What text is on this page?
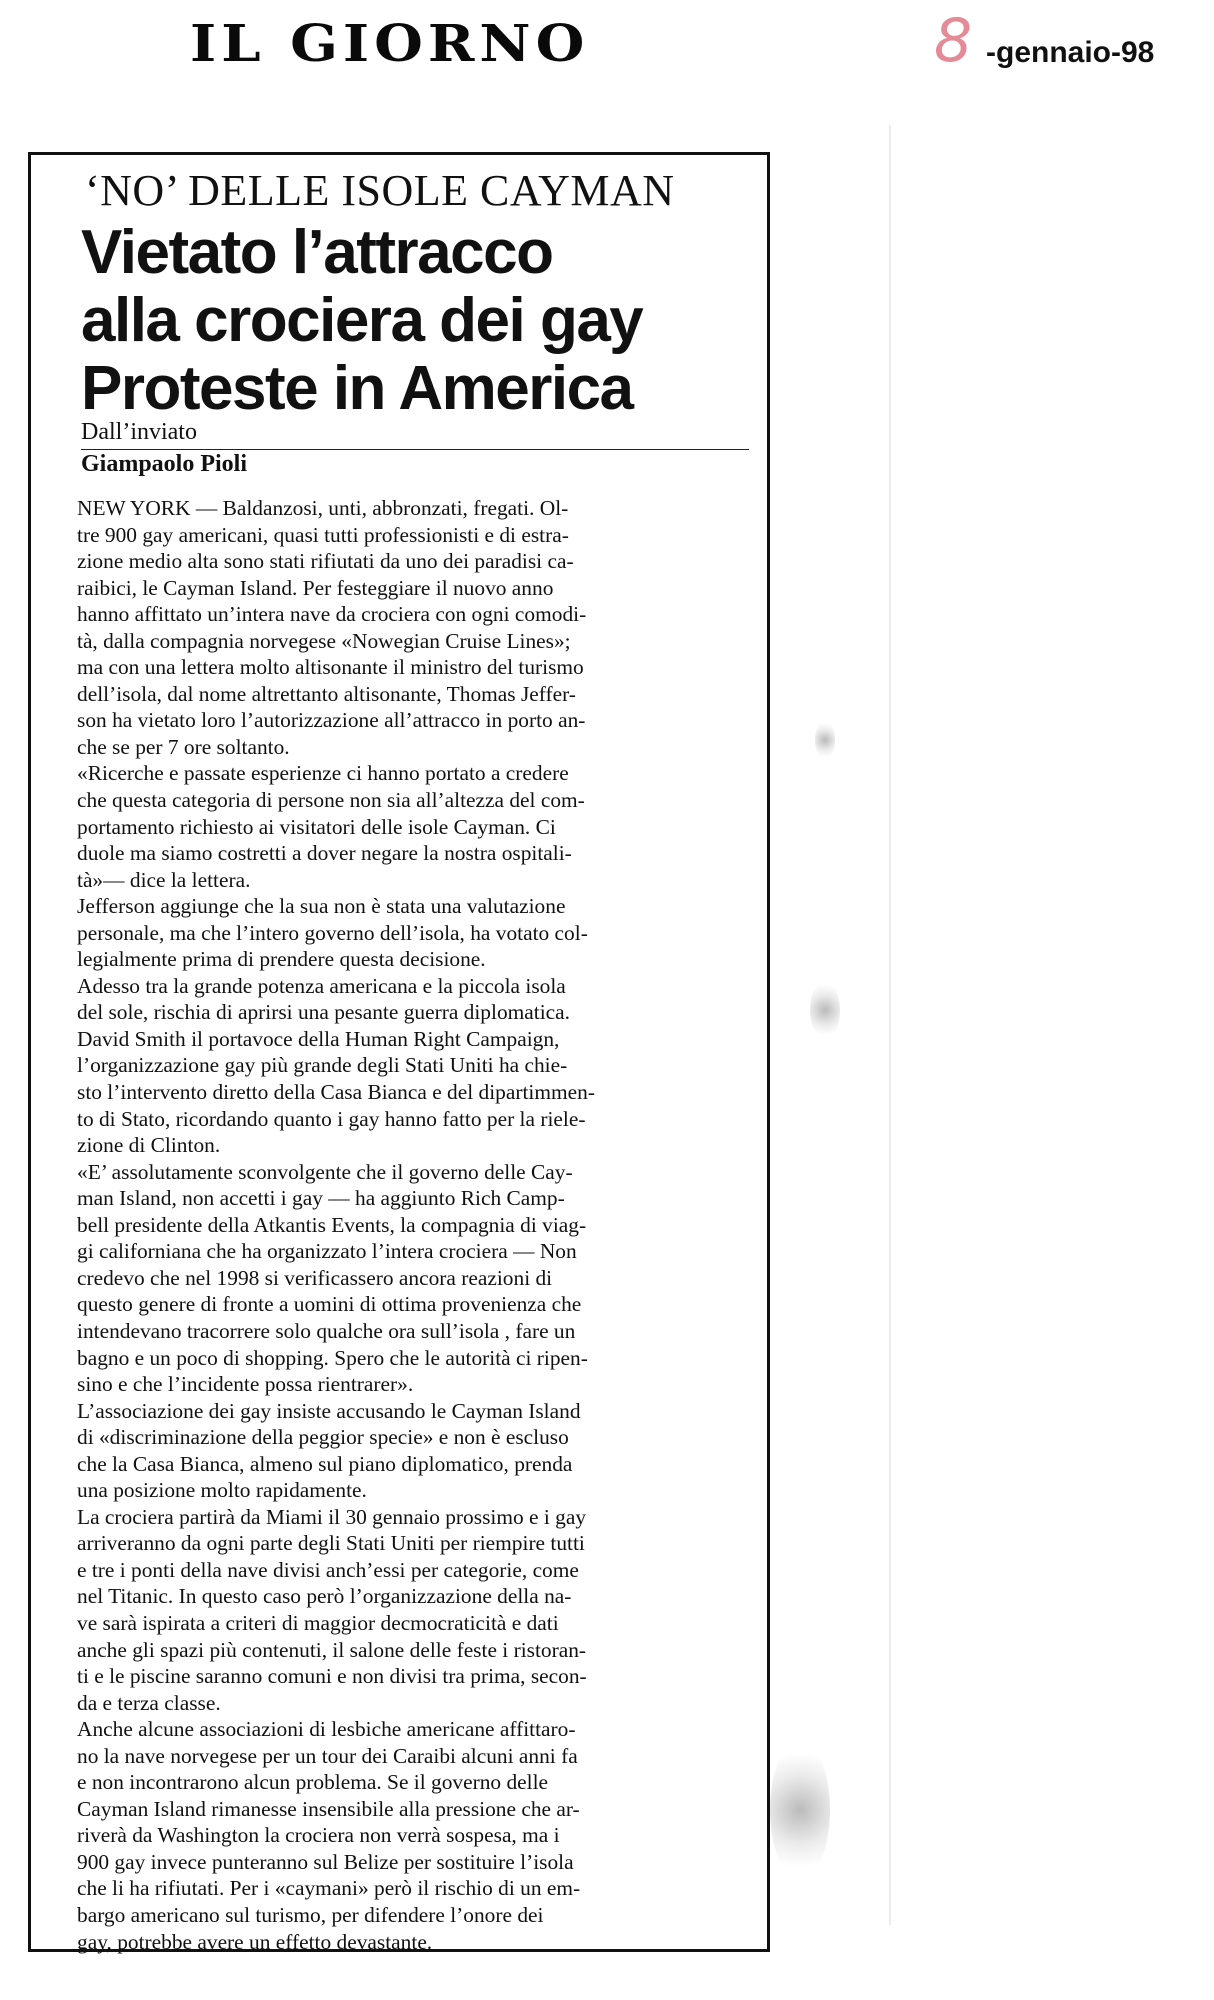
IL GIORNO	8 -gennaio-98
‘NO’ DELLE ISOLE CAYMAN
Vietato l’attracco
alla crociera dei gay
Proteste in America
Dall’inviato
Giampaolo Pioli
NEW YORK — Baldanzosi, unti, abbronzati, fregati. Ol-
tre 900 gay americani, quasi tutti professionisti e di estra-
zione medio alta sono stati rifiutati da uno dei paradisi ca-
raibici, le Cayman Island. Per festeggiare il nuovo anno
hanno affittato un’intera nave da crociera con ogni comodi-
tà, dalla compagnia norvegese «Nowegian Cruise Lines»;
ma con una lettera molto altisonante il ministro del turismo
dell’isola, dal nome altrettanto altisonante, Thomas Jeffer-
son ha vietato loro l’autorizzazione all’attracco in porto an-
che se per 7 ore soltanto.
«Ricerche e passate esperienze ci hanno portato a credere
che questa categoria di persone non sia all’altezza del com-
portamento richiesto ai visitatori delle isole Cayman. Ci
duole ma siamo costretti a dover negare la nostra ospitali-
tà»— dice la lettera.
Jefferson aggiunge che la sua non è stata una valutazione
personale, ma che l’intero governo dell’isola, ha votato col-
legialmente prima di prendere questa decisione.
Adesso tra la grande potenza americana e la piccola isola
del sole, rischia di aprirsi una pesante guerra diplomatica.
David Smith il portavoce della Human Right Campaign,
l’organizzazione gay più grande degli Stati Uniti ha chie-
sto l’intervento diretto della Casa Bianca e del dipartimmen-
to di Stato, ricordando quanto i gay hanno fatto per la riele-
zione di Clinton.
«E’ assolutamente sconvolgente che il governo delle Cay-
man Island, non accetti i gay — ha aggiunto Rich Camp-
bell presidente della Atkantis Events, la compagnia di viag-
gi californiana che ha organizzato l’intera crociera — Non
credevo che nel 1998 si verificassero ancora reazioni di
questo genere di fronte a uomini di ottima provenienza che
intendevano tracorrere solo qualche ora sull’isola , fare un
bagno e un poco di shopping. Spero che le autorità ci ripen-
sino e che l’incidente possa rientrarer».
L’associazione dei gay insiste accusando le Cayman Island
di «discriminazione della peggior specie» e non è escluso
che la Casa Bianca, almeno sul piano diplomatico, prenda
una posizione molto rapidamente.
La crociera partirà da Miami il 30 gennaio prossimo e i gay
arriveranno da ogni parte degli Stati Uniti per riempire tutti
e tre i ponti della nave divisi anch’essi per categorie, come
nel Titanic. In questo caso però l’organizzazione della na-
ve sarà ispirata a criteri di maggior decmocraticità e dati
anche gli spazi più contenuti, il salone delle feste i ristoran-
ti e le piscine saranno comuni e non divisi tra prima, secon-
da e terza classe.
Anche alcune associazioni di lesbiche americane affittaro-
no la nave norvegese per un tour dei Caraibi alcuni anni fa
e non incontrarono alcun problema. Se il governo delle
Cayman Island rimanesse insensibile alla pressione che ar-
riverà da Washington la crociera non verrà sospesa, ma i
900 gay invece punteranno sul Belize per sostituire l’isola
che li ha rifiutati. Per i «caymani» però il rischio di un em-
bargo americano sul turismo, per difendere l’onore dei
gay, potrebbe avere un effetto devastante.
